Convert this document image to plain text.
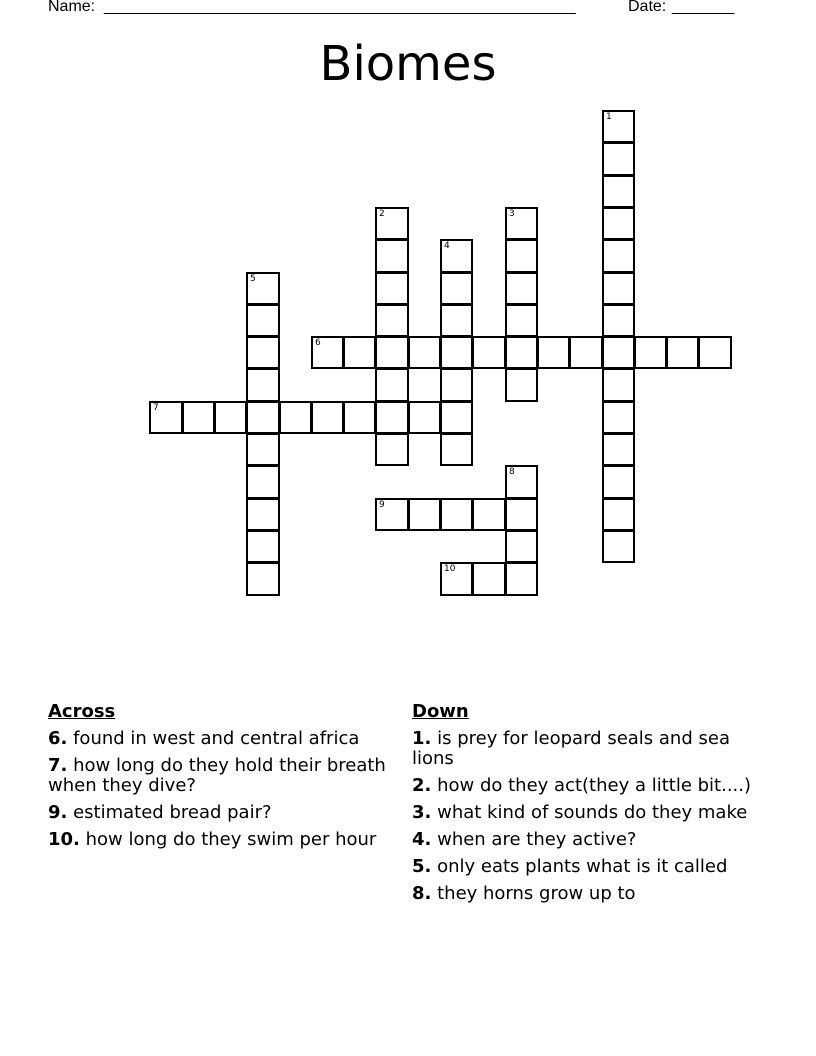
Name: _____________________________________________________	Date: _______
Biomes
1
2	3
4
5
6
7
8
9
10
Across
6. found in west and central africa
7. how long do they hold their breath when they dive?
9. estimated bread pair?
10. how long do they swim per hour
Down
1. is prey for leopard seals and sea lions
2. how do they act(they a little bit....)
3. what kind of sounds do they make
4. when are they active?
5. only eats plants what is it called
8. they horns grow up to
